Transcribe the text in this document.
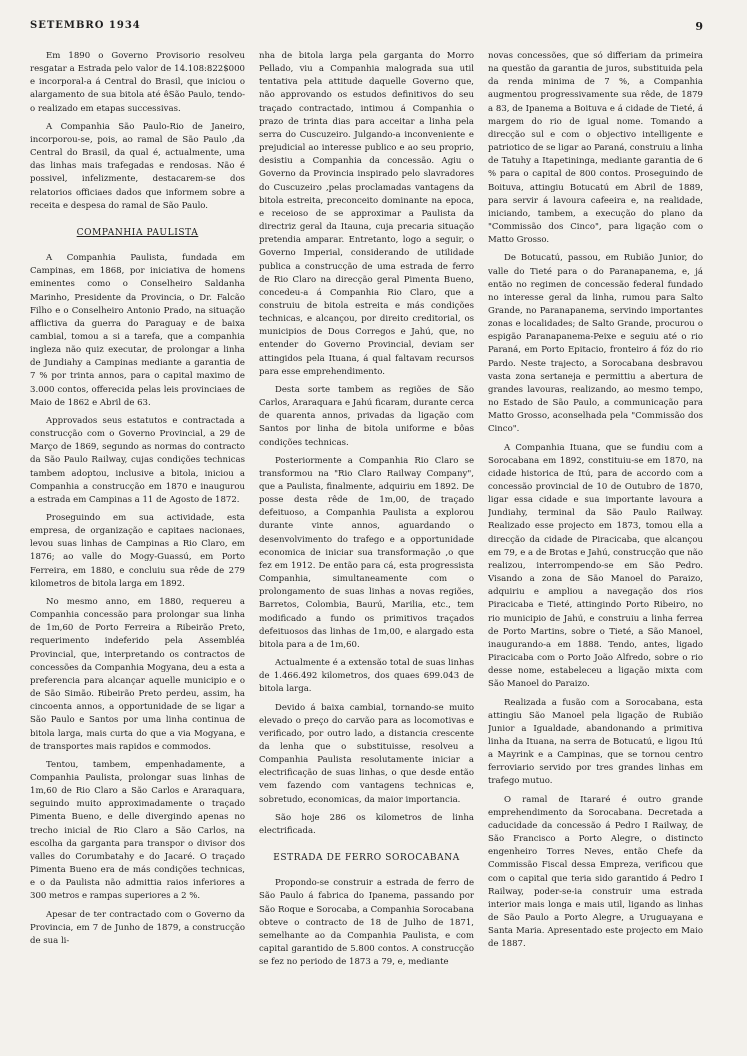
SETEMBRO 1934	9

Em 1890 o Governo Provisorio resolveu resgatar a Estrada pelo valor de 14.108:822$000 e incorporal-a á Central do Brasil, que iniciou o alargamento de sua bitola até êSão Paulo, tendo-o realizado em etapas successivas.

A Companhia São Paulo-Rio de Janeiro, incorporou-se, pois, ao ramal de São Paulo ,da Central do Brasil, da qual é, actualmente, uma das linhas mais trafegadas e rendosas. Não é possivel, infelizmente, destacarem-se dos relatorios officiaes dados que informem sobre a receita e despesa do ramal de São Paulo.

COMPANHIA PAULISTA

A Companhia Paulista, fundada em Campinas, em 1868, por iniciativa de homens eminentes como o Conselheiro Saldanha Marinho, Presidente da Provincia, o Dr. Falcão Filho e o Conselheiro Antonio Prado, na situação afflictiva da guerra do Paraguay e de baixa cambial, tomou a si a tarefa, que a companhia ingleza não quiz executar, de prolongar a linha de Jundiahy a Campinas mediante a garantia de 7 % por trinta annos, para o capital maximo de 3.000 contos, offerecida pelas leis provinciaes de Maio de 1862 e Abril de 63.

Approvados seus estatutos e contractada a construcção com o Governo Provincial, a 29 de Março de 1869, segundo as normas do contracto da São Paulo Railway, cujas condições technicas tambem adoptou, inclusive a bitola, iniciou a Companhia a construcção em 1870 e inaugurou a estrada em Campinas a 11 de Agosto de 1872.

Proseguindo em sua actividade, esta empresa, de organização e capitaes nacionaes, levou suas linhas de Campinas a Rio Claro, em 1876; ao valle do Mogy-Guassú, em Porto Ferreira, em 1880, e concluiu sua rêde de 279 kilometros de bitola larga em 1892.

No mesmo anno, em 1880, requereu a Companhia concessão para prolongar sua linha de 1m,60 de Porto Ferreira a Ribeirão Preto, requerimento indeferido pela Assembléa Provincial, que, interpretando os contractos de concessões da Companhia Mogyana, deu a esta a preferencia para alcançar aquelle municipio e o de São Simão. Ribeirão Preto perdeu, assim, ha cincoenta annos, a opportunidade de se ligar a São Paulo e Santos por uma linha continua de bitola larga, mais curta do que a via Mogyana, e de transportes mais rapidos e commodos.

Tentou, tambem, empenhadamente, a Companhia Paulista, prolongar suas linhas de 1m,60 de Rio Claro a São Carlos e Araraquara, seguindo muito approximadamente o traçado Pimenta Bueno, e delle divergindo apenas no trecho inicial de Rio Claro a São Carlos, na escolha da garganta para transpor o divisor dos valles do Corumbatahy e do Jacaré. O traçado Pimenta Bueno era de más condições technicas, e o da Paulista não admittia raios inferiores a 300 metros e rampas superiores a 2 %.

Apesar de ter contractado com o Governo da Provincia, em 7 de Junho de 1879, a construcção de sua li-

nha de bitola larga pela garganta do Morro Pellado, viu a Companhia malograda sua util tentativa pela attitude daquelle Governo que, não approvando os estudos definitivos do seu traçado contractado, intimou á Companhia o prazo de trinta dias para acceitar a linha pela serra do Cuscuzeiro. Julgando-a inconveniente e prejudicial ao interesse publico e ao seu proprio, desistiu a Companhia da concessão. Agiu o Governo da Provincia inspirado pelo slavradores do Cuscuzeiro ,pelas proclamadas vantagens da bitola estreita, preconceito dominante na epoca, e receioso de se approximar a Paulista da directriz geral da Itauna, cuja precaria situação pretendia amparar. Entretanto, logo a seguir, o Governo Imperial, considerando de utilidade publica a construcção de uma estrada de ferro de Rio Claro na direcção geral Pimenta Bueno, concedeu-a á Companhia Rio Claro, que a construiu de bitola estreita e más condições technicas, e alcançou, por direito creditorial, os municipios de Dous Corregos e Jahú, que, no entender do Governo Provincial, deviam ser attingidos pela Ituana, á qual faltavam recursos para esse emprehendimento.

Desta sorte tambem as regiões de São Carlos, Araraquara e Jahú ficaram, durante cerca de quarenta annos, privadas da ligação com Santos por linha de bitola uniforme e bôas condições technicas.

Posteriormente a Companhia Rio Claro se transformou na "Rio Claro Railway Company", que a Paulista, finalmente, adquiriu em 1892. De posse desta rêde de 1m,00, de traçado defeituoso, a Companhia Paulista a explorou durante vinte annos, aguardando o desenvolvimento do trafego e a opportunidade economica de iniciar sua transformação ,o que fez em 1912. De então para cá, esta progressista Companhia, simultaneamente com o prolongamento de suas linhas a novas regiões, Barretos, Colombia, Baurú, Marilia, etc., tem modificado a fundo os primitivos traçados defeituosos das linhas de 1m,00, e alargado esta bitola para a de 1m,60.

Actualmente é a extensão total de suas linhas de 1.466.492 kilometros, dos quaes 699.043 de bitola larga.

Devido á baixa cambial, tornando-se muito elevado o preço do carvão para as locomotivas e verificado, por outro lado, a distancia crescente da lenha que o substituisse, resolveu a Companhia Paulista resolutamente iniciar a electrificação de suas linhas, o que desde então vem fazendo com vantagens technicas e, sobretudo, economicas, da maior importancia.

São hoje 286 os kilometros de linha electrificada.

ESTRADA DE FERRO SOROCABANA

Propondo-se construir a estrada de ferro de São Paulo á fabrica do Ipanema, passando por São Roque e Sorocaba, a Companhia Sorocabana obteve o contracto de 18 de Julho de 1871, semelhante ao da Companhia Paulista, e com capital garantido de 5.800 contos. A construcção se fez no periodo de 1873 a 79, e, mediante

novas concessões, que só differiam da primeira na questão da garantia de juros, substituida pela da renda minima de 7 %, a Companhia augmentou progressivamente sua rêde, de 1879 a 83, de Ipanema a Boituva e á cidade de Tieté, á margem do rio de igual nome. Tomando a direcção sul e com o objectivo intelligente e patriotico de se ligar ao Paraná, construiu a linha de Tatuhy a Itapetininga, mediante garantia de 6 % para o capital de 800 contos. Proseguindo de Boituva, attingiu Botucatú em Abril de 1889, para servir á lavoura cafeeira e, na realidade, iniciando, tambem, a execução do plano da "Commissão dos Cinco", para ligação com o Matto Grosso.

De Botucatú, passou, em Rubião Junior, do valle do Tieté para o do Paranapanema, e, já então no regimen de concessão federal fundado no interesse geral da linha, rumou para Salto Grande, no Paranapanema, servindo importantes zonas e localidades; de Salto Grande, procurou o espigão Paranapanema-Peixe e seguiu até o rio Paraná, em Porto Epitacio, fronteiro á fóz do rio Pardo. Neste trajecto, a Sorocabana desbravou vasta zona sertaneja e permittiu a abertura de grandes lavouras, realizando, ao mesmo tempo, no Estado de São Paulo, a communicação para Matto Grosso, aconselhada pela "Commissão dos Cinco".

A Companhia Ituana, que se fundiu com a Sorocabana em 1892, constituiu-se em 1870, na cidade historica de Itú, para de accordo com a concessão provincial de 10 de Outubro de 1870, ligar essa cidade e sua importante lavoura a Jundiahy, terminal da São Paulo Railway. Realizado esse projecto em 1873, tomou ella a direcção da cidade de Piracicaba, que alcançou em 79, e a de Brotas e Jahú, construcção que não realizou, interrompendo-se em São Pedro. Visando a zona de São Manoel do Paraizo, adquiriu e ampliou a navegação dos rios Piracicaba e Tieté, attingindo Porto Ribeiro, no rio municipio de Jahú, e construiu a linha ferrea de Porto Martins, sobre o Tieté, a São Manoel, inaugurando-a em 1888. Tendo, antes, ligado Piracicaba com o Porto João Alfredo, sobre o rio desse nome, estabeleceu a ligação mixta com São Manoel do Paraizo.

Realizada a fusão com a Sorocabana, esta attingiu São Manoel pela ligação de Rubião Junior a Igualdade, abandonando a primitiva linha da Ituana, na serra de Botucatú, e ligou Itú a Mayrink e a Campinas, que se tornou centro ferroviario servido por tres grandes linhas em trafego mutuo.

O ramal de Itararé é outro grande emprehendimento da Sorocabana. Decretada a caducidade da concessão á Pedro I Railway, de São Francisco a Porto Alegre, o distincto engenheiro Torres Neves, então Chefe da Commissão Fiscal dessa Empreza, verificou que com o capital que teria sido garantido á Pedro I Railway, poder-se-ia construir uma estrada interior mais longa e mais util, ligando as linhas de São Paulo a Porto Alegre, a Uruguayana e Santa Maria. Apresentado este projecto em Maio de 1887.
